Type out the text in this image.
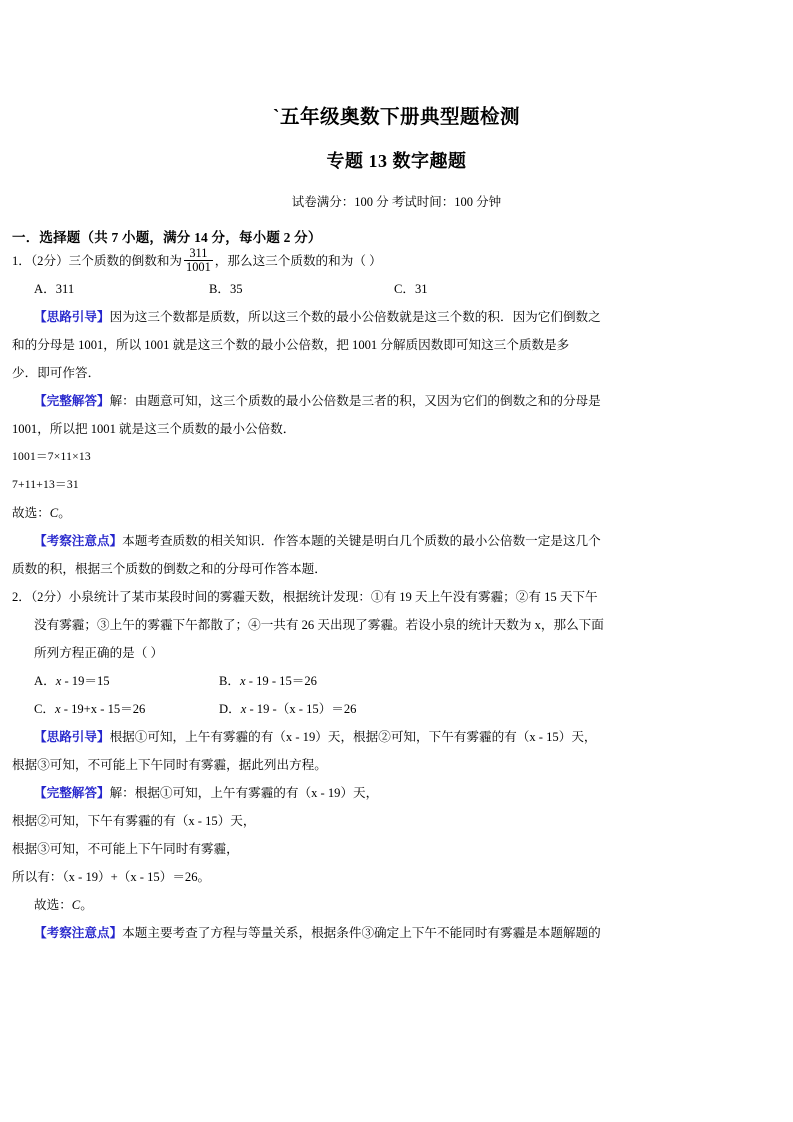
`五年级奥数下册典型题检测
专题 13 数字趣题

试卷满分：100 分 考试时间：100 分钟

一．选择题（共 7 小题，满分 14 分，每小题 2 分）

1．（2分）三个质数的倒数和为 $\frac{311}{1001}$ ，那么这三个质数的和为（ ）

A．311	B．35	C．31

【思路引导】因为这三个数都是质数，所以这三个数的最小公倍数就是这三个数的积．因为它们倒数之

和的分母是 1001，所以 1001 就是这三个数的最小公倍数，把 1001 分解质因数即可知这三个质数是多

少．即可作答．

【完整解答】解：由题意可知，这三个质数的最小公倍数是三者的积，又因为它们的倒数之和的分母是

1001，所以把 1001 就是这三个质数的最小公倍数．

1001＝7×11×13

7+11+13＝31

故选：C。

【考察注意点】本题考查质数的相关知识．作答本题的关键是明白几个质数的最小公倍数一定是这几个

质数的积，根据三个质数的倒数之和的分母可作答本题．

2．（2分）小泉统计了某市某段时间的雾霾天数，根据统计发现：①有 19 天上午没有雾霾；②有 15 天下午

没有雾霾；③上午的雾霾下午都散了；④一共有 26 天出现了雾霾。若设小泉的统计天数为 x，那么下面

所列方程正确的是（ ）

A．x - 19＝15	B．x - 19 - 15＝26
C．x - 19+x - 15＝26	D．x - 19 -（x - 15）＝26

【思路引导】根据①可知，上午有雾霾的有（x - 19）天，根据②可知，下午有雾霾的有（x - 15）天，

根据③可知，不可能上下午同时有雾霾，据此列出方程。

【完整解答】解：根据①可知，上午有雾霾的有（x - 19）天，

根据②可知，下午有雾霾的有（x - 15）天，

根据③可知，不可能上下午同时有雾霾，

所以有：（x - 19）+（x - 15）＝26。

故选：C。

【考察注意点】本题主要考查了方程与等量关系，根据条件③确定上下午不能同时有雾霾是本题解题的
